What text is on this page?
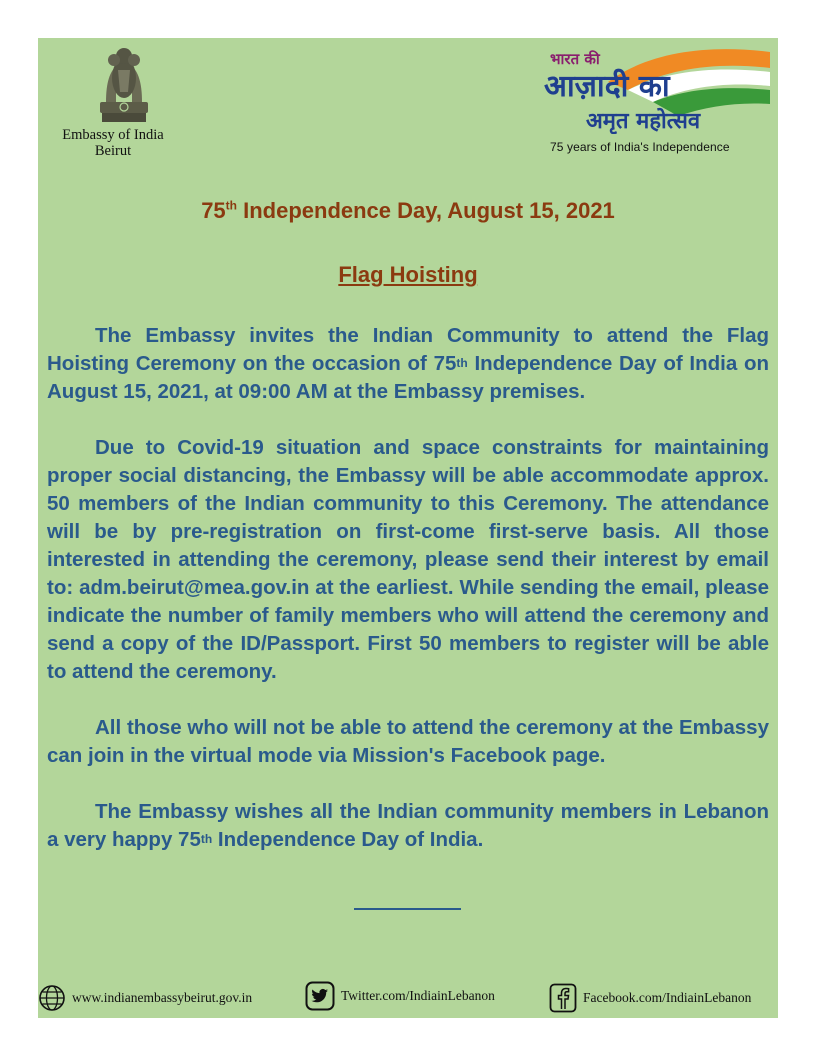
Embassy of India
Beirut
भारत की
आज़ादी का
अमृत महोत्सव
75 years of India's Independence
75th Independence Day, August 15, 2021
Flag Hoisting

The Embassy invites the Indian Community to attend the Flag Hoisting Ceremony on the occasion of 75th Independence Day of India on August 15, 2021, at 09:00 AM at the Embassy premises.

Due to Covid-19 situation and space constraints for maintaining proper social distancing, the Embassy will be able accommodate approx. 50 members of the Indian community to this Ceremony. The attendance will be by pre-registration on first-come first-serve basis. All those interested in attending the ceremony, please send their interest by email to: adm.beirut@mea.gov.in at the earliest. While sending the email, please indicate the number of family members who will attend the ceremony and send a copy of the ID/Passport. First 50 members to register will be able to attend the ceremony.

All those who will not be able to attend the ceremony at the Embassy can join in the virtual mode via Mission's Facebook page.

The Embassy wishes all the Indian community members in Lebanon a very happy 75th Independence Day of India.

www.indianembassybeirut.gov.in	Twitter.com/IndiainLebanon	Facebook.com/IndiainLebanon
